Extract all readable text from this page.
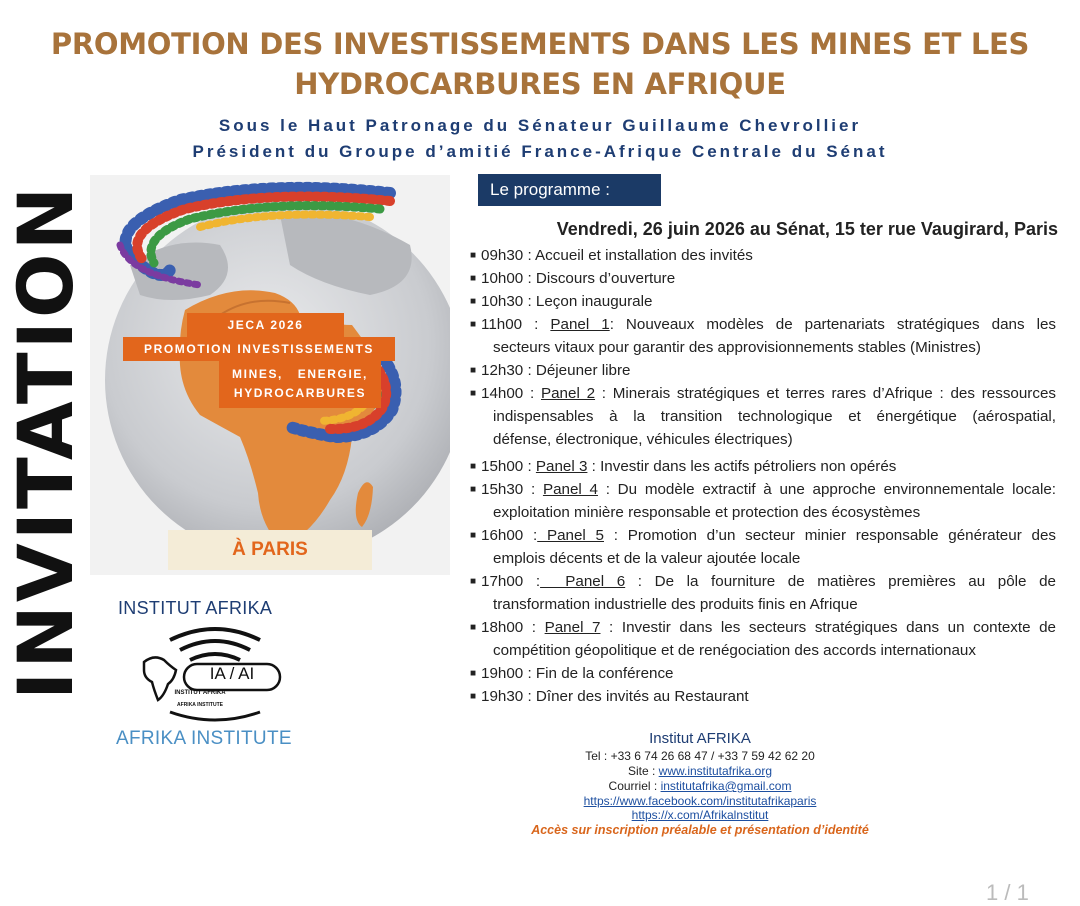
PROMOTION DES INVESTISSEMENTS DANS LES MINES ET LES
HYDROCARBURES EN AFRIQUE
Sous le Haut Patronage du Sénateur Guillaume Chevrollier
Président du Groupe d’amitié France-Afrique Centrale du Sénat
INVITATION	JECA 2026
PROMOTION INVESTISSEMENTS
MINES,   ENERGIE,
HYDROCARBURES
À PARIS
Le programme :
Vendredi, 26 juin 2026 au Sénat, 15 ter rue Vaugirard, Paris
■ 09h30 : Accueil et installation des invités
■ 10h00 : Discours d’ouverture
■ 10h30 : Leçon inaugurale
■ 11h00 : Panel 1: Nouveaux modèles de partenariats stratégiques dans les
secteurs vitaux pour garantir des approvisionnements stables (Ministres)
■ 12h30 : Déjeuner libre
■ 14h00 : Panel 2 : Minerais stratégiques et terres rares d’Afrique : des ressources
indispensables à la transition technologique et énergétique (aérospatial,
défense, électronique, véhicules électriques)
■ 15h00 : Panel 3 : Investir dans les actifs pétroliers non opérés
■ 15h30 : Panel 4 : Du modèle extractif à une approche environnementale locale:
exploitation minière responsable et protection des écosystèmes
■ 16h00 : Panel 5 : Promotion d’un secteur minier responsable générateur des
emplois décents et de la valeur ajoutée locale
■ 17h00 :  Panel 6 : De la fourniture de matières premières au pôle de
transformation industrielle des produits finis en Afrique
■ 18h00 : Panel 7 : Investir dans les secteurs stratégiques dans un contexte de
compétition géopolitique et de renégociation des accords internationaux
■ 19h00 : Fin de la conférence
■ 19h30 : Dîner des invités au Restaurant
INSTITUT AFRIKA
IA / AI
INSTITUT AFRIKA
AFRIKA INSTITUTE
AFRIKA INSTITUTE	Institut AFRIKA
Tel : +33 6 74 26 68 47 / +33 7 59 42 62 20
Site : www.institutafrika.org
Courriel : institutafrika@gmail.com
https://www.facebook.com/institutafrikaparis
https://x.com/Afrikalnstitut
Accès sur inscription préalable et présentation d’identité
1 / 1
